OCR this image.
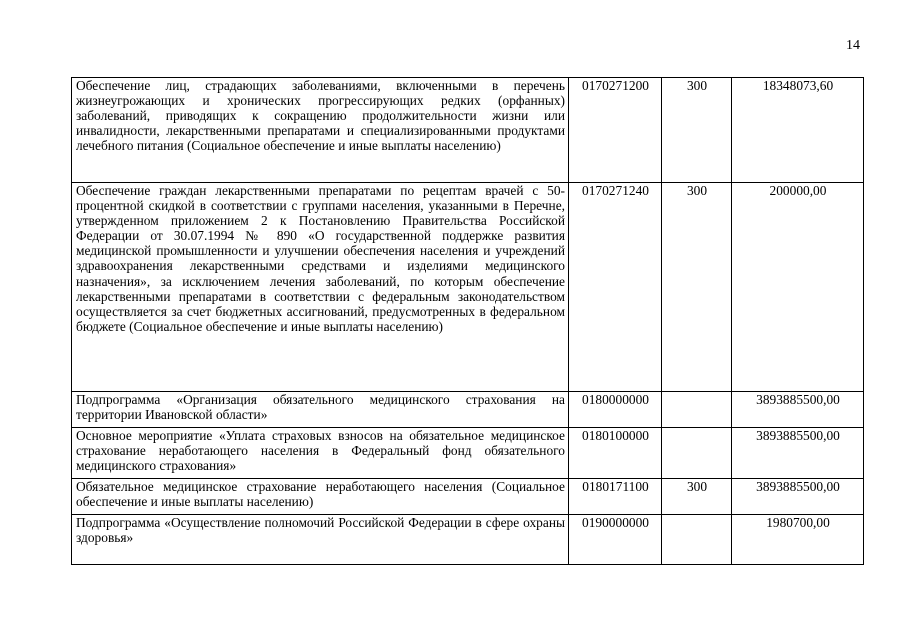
14
Обеспечение лиц, страдающих заболеваниями, включенными в перечень жизнеугрожающих и хронических прогрессирующих редких (орфанных) заболеваний, приводящих к сокращению продолжительности жизни или инвалидности, лекарственными препаратами и специализированными продуктами лечебного питания (Социальное обеспечение и иные выплаты населению)	0170271200	300	18348073,60
Обеспечение граждан лекарственными препаратами по рецептам врачей с 50-процентной скидкой в соответствии с группами населения, указанными в Перечне, утвержденном приложением 2 к Постановлению Правительства Российской Федерации от 30.07.1994 № 890 «О государственной поддержке развития медицинской промышленности и улучшении обеспечения населения и учреждений здравоохранения лекарственными средствами и изделиями медицинского назначения», за исключением лечения заболеваний, по которым обеспечение лекарственными препаратами в соответствии с федеральным законодательством осуществляется за счет бюджетных ассигнований, предусмотренных в федеральном бюджете (Социальное обеспечение и иные выплаты населению)	0170271240	300	200000,00
Подпрограмма «Организация обязательного медицинского страхования на территории Ивановской области»	0180000000		3893885500,00
Основное мероприятие «Уплата страховых взносов на обязательное медицинское страхование неработающего населения в Федеральный фонд обязательного медицинского страхования»	0180100000		3893885500,00
Обязательное медицинское страхование неработающего населения (Социальное обеспечение и иные выплаты населению)	0180171100	300	3893885500,00
Подпрограмма «Осуществление полномочий Российской Федерации в сфере охраны здоровья»	0190000000		1980700,00
